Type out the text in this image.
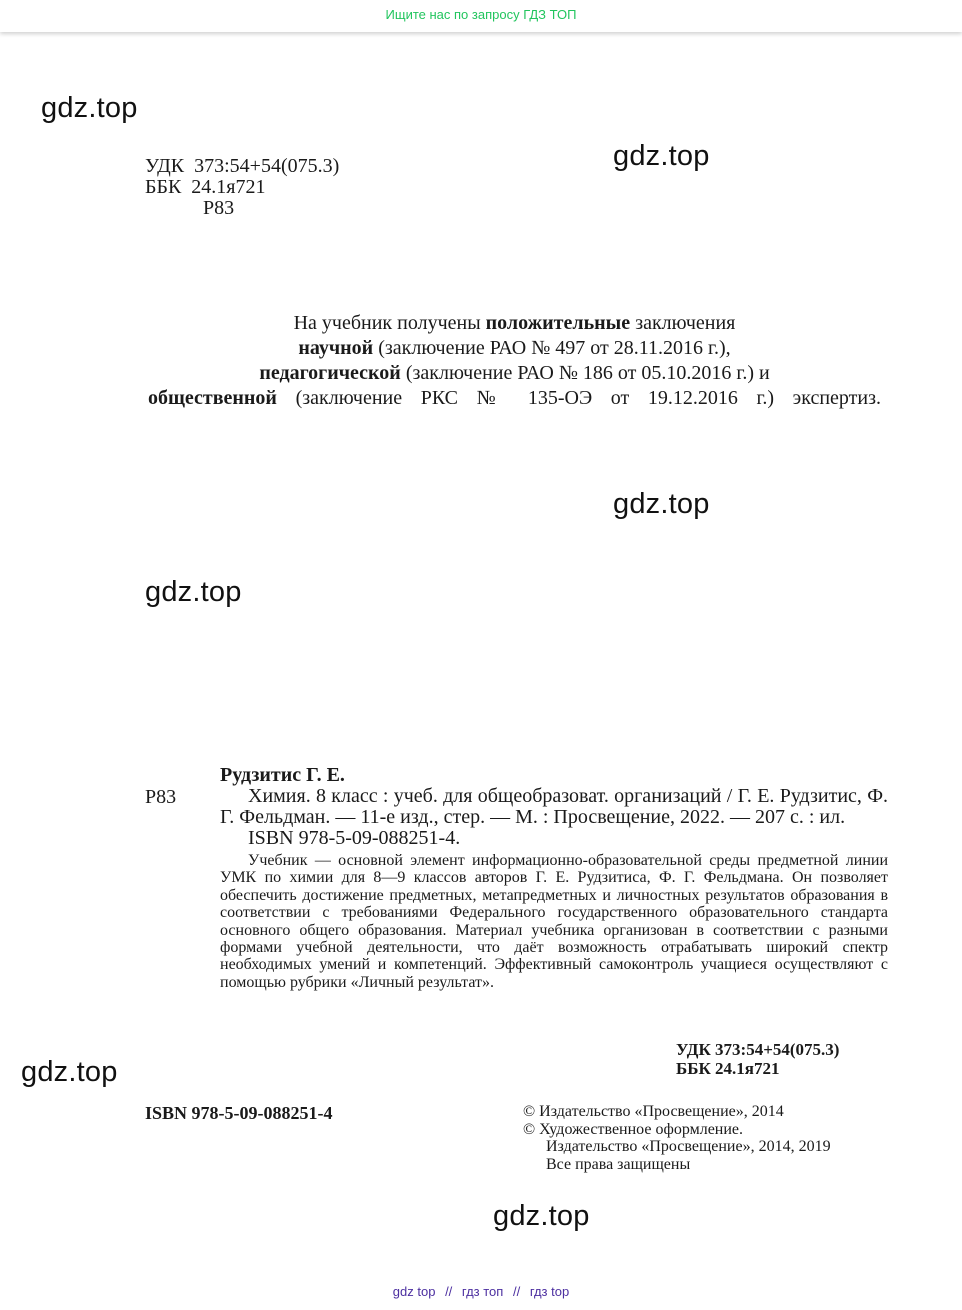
Ищите нас по запросу ГДЗ ТОП
gdz.top
gdz.top
gdz.top
gdz.top
gdz.top
gdz.top
УДК  373:54+54(075.3)
ББК  24.1я721
Р83
На учебник получены положительные заключения
научной (заключение РАО № 497 от 28.11.2016 г.),
педагогической (заключение РАО № 186 от 05.10.2016 г.) и
общественной (заключение РКС № 135-ОЭ от 19.12.2016 г.) экспертиз.
Р83
Рудзитис Г. Е.
Химия. 8 класс : учеб. для общеобразоват. организаций / Г. Е. Рудзитис, Ф. Г. Фельдман. — 11-е изд., стер. — М. : Просвещение, 2022. — 207 с. : ил.
ISBN 978-5-09-088251-4.
Учебник — основной элемент информационно-образовательной среды предметной линии УМК по химии для 8—9 классов авторов Г. Е. Рудзитиса, Ф. Г. Фельдмана. Он позволяет обеспечить достижение предметных, метапредметных и личностных результатов образования в соответствии с требованиями Федерального государственного образовательного стандарта основного общего образования. Материал учебника организован в соответствии с разными формами учебной деятельности, что даёт возможность отрабатывать широкий спектр необходимых умений и компетенций. Эффективный самоконтроль учащиеся осуществляют с помощью рубрики «Личный результат».
УДК 373:54+54(075.3)
ББК 24.1я721
ISBN 978-5-09-088251-4	© Издательство «Просвещение», 2014
© Художественное оформление.
Издательство «Просвещение», 2014, 2019
Все права защищены
gdz top // гдз топ // гдз top
